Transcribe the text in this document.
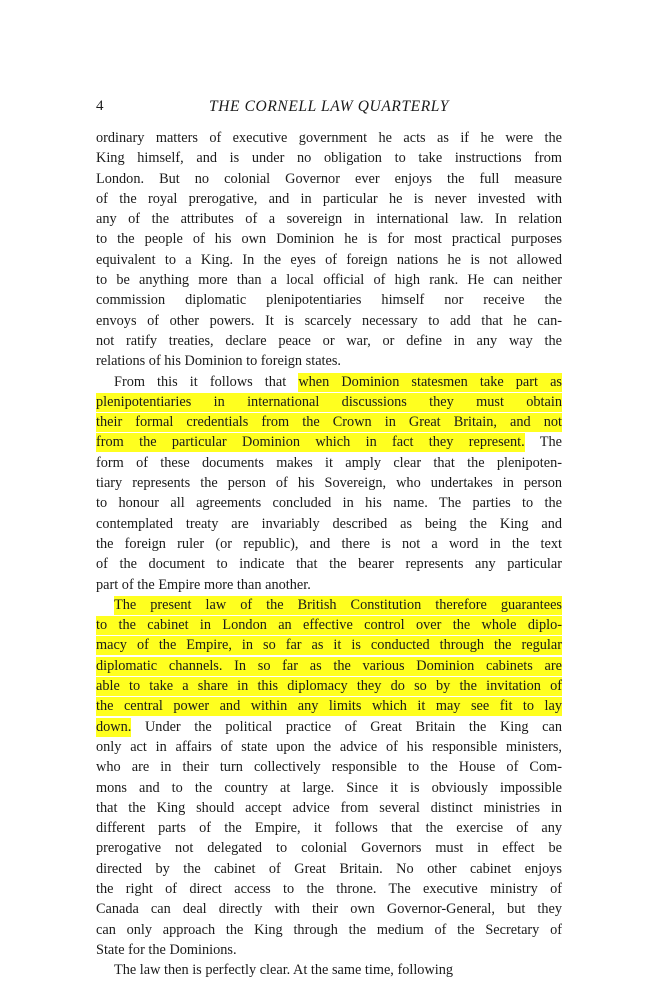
4	THE CORNELL LAW QUARTERLY
ordinary matters of executive government he acts as if he were the
King himself, and is under no obligation to take instructions from
London. But no colonial Governor ever enjoys the full measure
of the royal prerogative, and in particular he is never invested with
any of the attributes of a sovereign in international law. In relation
to the people of his own Dominion he is for most practical purposes
equivalent to a King. In the eyes of foreign nations he is not allowed
to be anything more than a local official of high rank. He can neither
commission diplomatic plenipotentiaries himself nor receive the
envoys of other powers. It is scarcely necessary to add that he can-
not ratify treaties, declare peace or war, or define in any way the
relations of his Dominion to foreign states.
From this it follows that when Dominion statesmen take part as
plenipotentiaries in international discussions they must obtain
their formal credentials from the Crown in Great Britain, and not
from the particular Dominion which in fact they represent. The
form of these documents makes it amply clear that the plenipoten-
tiary represents the person of his Sovereign, who undertakes in person
to honour all agreements concluded in his name. The parties to the
contemplated treaty are invariably described as being the King and
the foreign ruler (or republic), and there is not a word in the text
of the document to indicate that the bearer represents any particular
part of the Empire more than another.
The present law of the British Constitution therefore guarantees
to the cabinet in London an effective control over the whole diplo-
macy of the Empire, in so far as it is conducted through the regular
diplomatic channels. In so far as the various Dominion cabinets are
able to take a share in this diplomacy they do so by the invitation of
the central power and within any limits which it may see fit to lay
down. Under the political practice of Great Britain the King can
only act in affairs of state upon the advice of his responsible ministers,
who are in their turn collectively responsible to the House of Com-
mons and to the country at large. Since it is obviously impossible
that the King should accept advice from several distinct ministries in
different parts of the Empire, it follows that the exercise of any
prerogative not delegated to colonial Governors must in effect be
directed by the cabinet of Great Britain. No other cabinet enjoys
the right of direct access to the throne. The executive ministry of
Canada can deal directly with their own Governor-General, but they
can only approach the King through the medium of the Secretary of
State for the Dominions.
The law then is perfectly clear. At the same time, following
